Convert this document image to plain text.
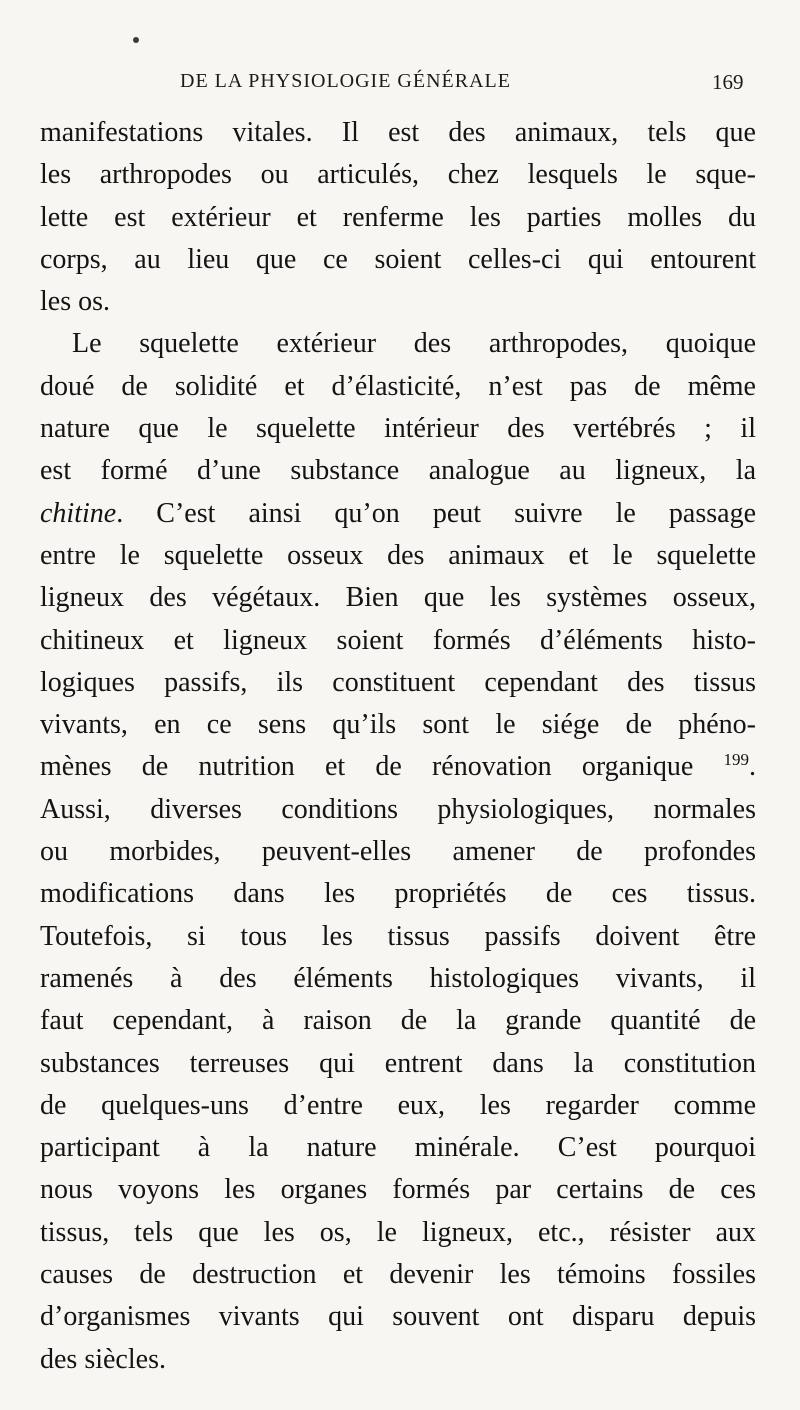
DE LA PHYSIOLOGIE GÉNÉRALE	169
manifestations vitales. Il est des animaux, tels que
les arthropodes ou articulés, chez lesquels le sque-
lette est extérieur et renferme les parties molles du
corps, au lieu que ce soient celles-ci qui entourent
les os.
Le squelette extérieur des arthropodes, quoique
doué de solidité et d’élasticité, n’est pas de même
nature que le squelette intérieur des vertébrés ; il
est formé d’une substance analogue au ligneux, la
chitine. C’est ainsi qu’on peut suivre le passage
entre le squelette osseux des animaux et le squelette
ligneux des végétaux. Bien que les systèmes osseux,
chitineux et ligneux soient formés d’éléments histo-
logiques passifs, ils constituent cependant des tissus
vivants, en ce sens qu’ils sont le siége de phéno-
mènes de nutrition et de rénovation organique $^{199}$.
Aussi, diverses conditions physiologiques, normales
ou morbides, peuvent-elles amener de profondes
modifications dans les propriétés de ces tissus.
Toutefois, si tous les tissus passifs doivent être
ramenés à des éléments histologiques vivants, il
faut cependant, à raison de la grande quantité de
substances terreuses qui entrent dans la constitution
de quelques-uns d’entre eux, les regarder comme
participant à la nature minérale. C’est pourquoi
nous voyons les organes formés par certains de ces
tissus, tels que les os, le ligneux, etc., résister aux
causes de destruction et devenir les témoins fossiles
d’organismes vivants qui souvent ont disparu depuis
des siècles.
